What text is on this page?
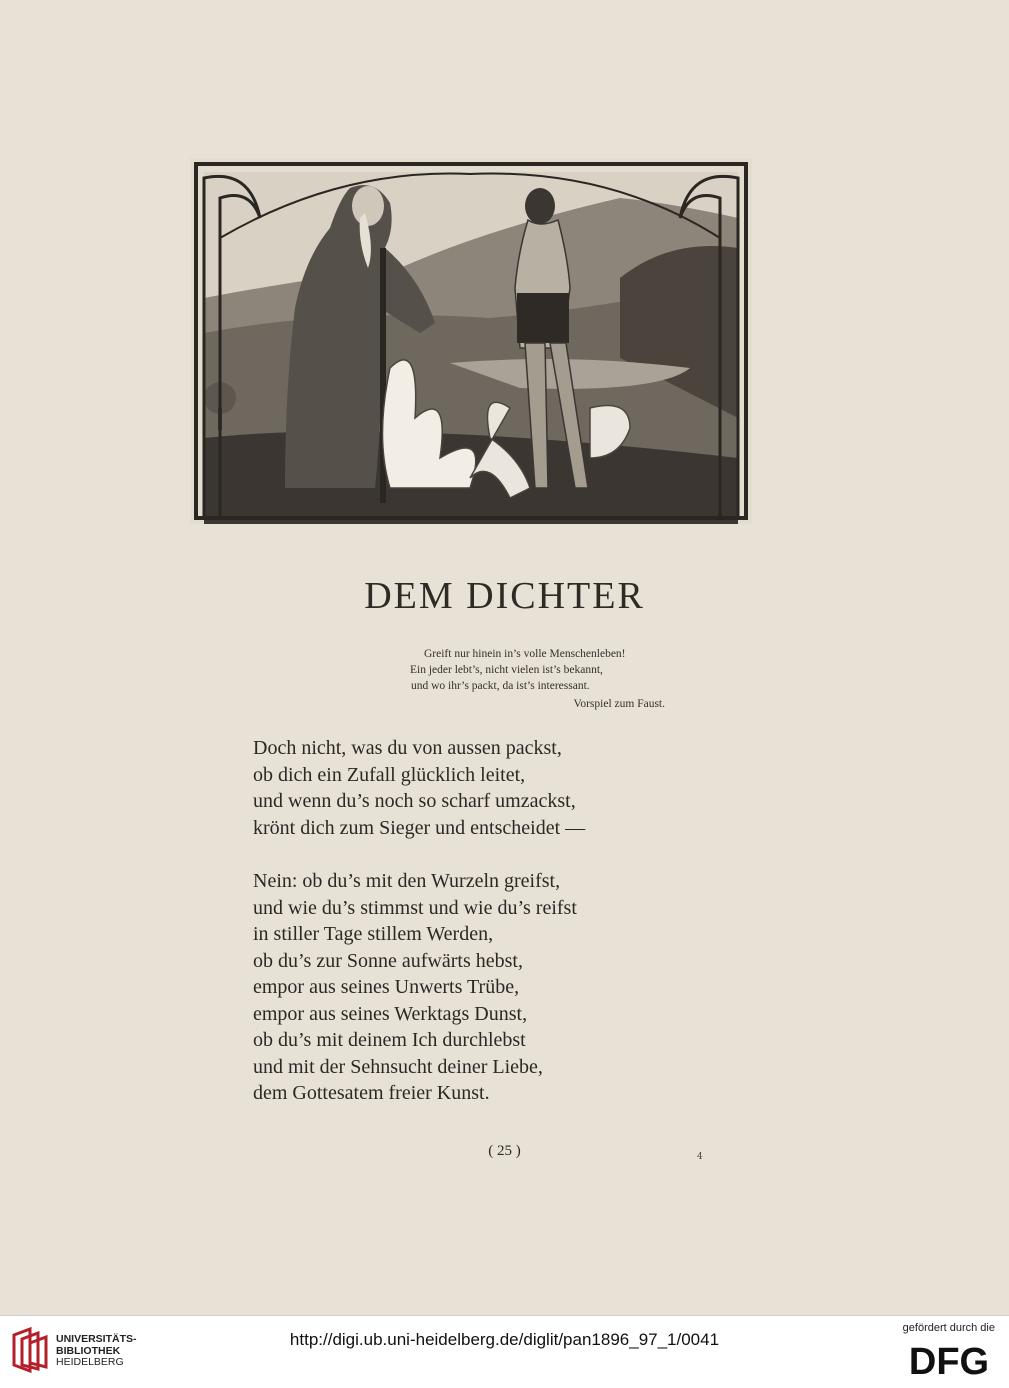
DEM DICHTER
Greift nur hinein in’s volle Menschenleben!
Ein jeder lebt’s, nicht vielen ist’s bekannt,
und wo ihr’s packt, da ist’s interessant.
Vorspiel zum Faust.
Doch nicht, was du von aussen packst,
ob dich ein Zufall glücklich leitet,
und wenn du’s noch so scharf umzackst,
krönt dich zum Sieger und entscheidet —
Nein: ob du’s mit den Wurzeln greifst,
und wie du’s stimmst und wie du’s reifst
in stiller Tage stillem Werden,
ob du’s zur Sonne aufwärts hebst,
empor aus seines Unwerts Trübe,
empor aus seines Werktags Dunst,
ob du’s mit deinem Ich durchlebst
und mit der Sehnsucht deiner Liebe,
dem Gottesatem freier Kunst.
( 25 )	4
UNIVERSITÄTS-
BIBLIOTHEK
HEIDELBERG
http://digi.ub.uni-heidelberg.de/diglit/pan1896_97_1/0041
gefördert durch die
DFG
